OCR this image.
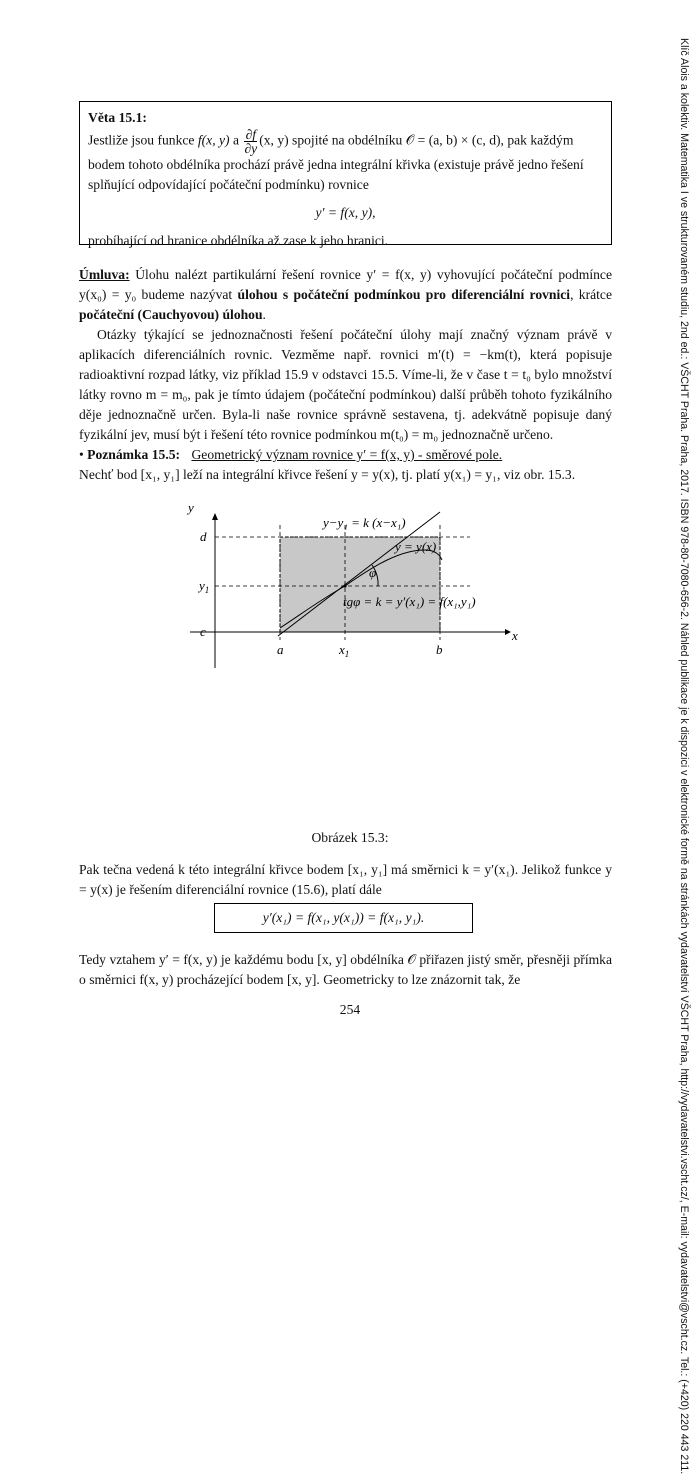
Klíč Alois a kolektiv. Matematika I ve strukturovaném studiu, 2nd ed.: VŠCHT Praha. Praha, 2017. ISBN 978-80-7080-656-2. Náhled publikace je k dispozici v elektronické formě na stránkách vydavatelství VŠCHT Praha, http://vydavatelstvi.vscht.cz/, E-mail: vydavatelstvi@vscht.cz. Tel.: (+420) 220 443 211.
Věta 15.1:
Jestliže jsou funkce f(x, y) a $\frac{\partial f}{\partial y} (x$, y) spojité na obdélníku 𝒪 = (a, b) × (c, d), pak každým
bodem tohoto obdélníka prochází právě jedna integrální křivka (existuje právě jedno řešení
splňující odpovídající počáteční podmínku) rovnice
y′ = f(x, y),
probíhající od hranice obdélníka až zase k jeho hranici.
Úmluva: Úlohu nalézt partikulární řešení rovnice y′ = f(x, y) vyhovující počáteční podmínce y(x₀) = y₀ budeme nazývat úlohou s počáteční podmínkou pro diferenciální rovnici, krátce počáteční (Cauchyovou) úlohou.
Otázky týkající se jednoznačnosti řešení počáteční úlohy mají značný význam právě v aplikacích diferenciálních rovnic. Vezměme např. rovnici m′(t) = −km(t), která popisuje radioaktivní rozpad látky, viz příklad 15.9 v odstavci 15.5. Víme-li, že v čase t = t₀ bylo množství látky rovno m = m₀, pak je tímto údajem (počáteční podmínkou) další průběh tohoto fyzikálního děje jednoznačně určen. Byla-li naše rovnice správně sestavena, tj. adekvátně popisuje daný fyzikální jev, musí být i řešení této rovnice podmínkou m(t₀) = m₀ jednoznačně určeno.
• Poznámka 15.5: Geometrický význam rovnice y′ = f(x, y) - směrové pole.
Nechť bod [x₁, y₁] leží na integrální křivce řešení y = y(x), tj. platí y(x₁) = y₁, viz obr. 15.3.
y
x
d
$y_1$
c
a	$x_1$	b
y−y₁ = k (x−x₁)
y = y(x)
φ
tgφ = k = y′(x₁) = f(x₁,y₁)
Obrázek 15.3:
Pak tečna vedená k této integrální křivce bodem [x₁, y₁] má směrnici k = y′(x₁). Jelikož funkce y = y(x) je řešením diferenciální rovnice (15.6), platí dále
y′(x₁) = f(x₁, y(x₁)) = f(x₁, y₁).
Tedy vztahem y′ = f(x, y) je každému bodu [x, y] obdélníka 𝒪 přiřazen jistý směr, přesněji přímka o směrnici f(x, y) procházející bodem [x, y]. Geometricky to lze znázornit tak, že
254
